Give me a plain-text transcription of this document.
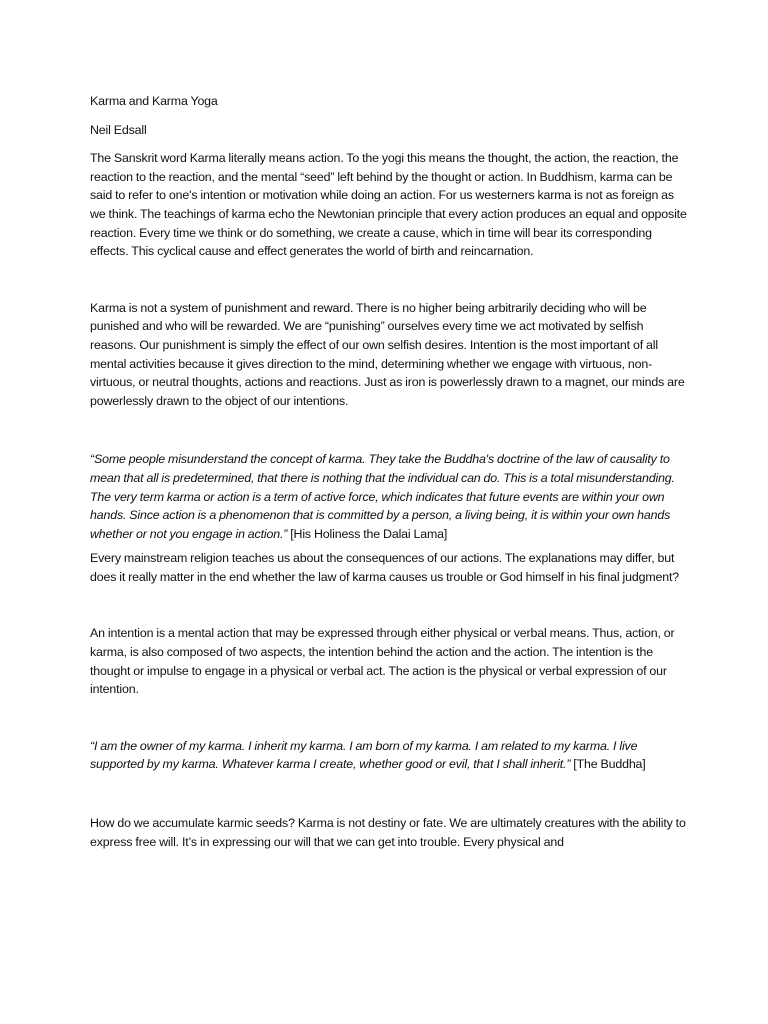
Karma and Karma Yoga

Neil Edsall

The Sanskrit word Karma literally means action. To the yogi this means the thought, the action, the reaction, the reaction to the reaction, and the mental “seed” left behind by the thought or action. In Buddhism, karma can be said to refer to one's intention or motivation while doing an action. For us westerners karma is not as foreign as we think. The teachings of karma echo the Newtonian principle that every action produces an equal and opposite reaction. Every time we think or do something, we create a cause, which in time will bear its corresponding effects. This cyclical cause and effect generates the world of birth and reincarnation.

Karma is not a system of punishment and reward. There is no higher being arbitrarily deciding who will be punished and who will be rewarded. We are “punishing” ourselves every time we act motivated by selfish reasons. Our punishment is simply the effect of our own selfish desires. Intention is the most important of all mental activities because it gives direction to the mind, determining whether we engage with virtuous, non-virtuous, or neutral thoughts, actions and reactions. Just as iron is powerlessly drawn to a magnet, our minds are powerlessly drawn to the object of our intentions.

“Some people misunderstand the concept of karma. They take the Buddha's doctrine of the law of causality to mean that all is predetermined, that there is nothing that the individual can do. This is a total misunderstanding. The very term karma or action is a term of active force, which indicates that future events are within your own hands. Since action is a phenomenon that is committed by a person, a living being, it is within your own hands whether or not you engage in action.” [His Holiness the Dalai Lama]

Every mainstream religion teaches us about the consequences of our actions. The explanations may differ, but does it really matter in the end whether the law of karma causes us trouble or God himself in his final judgment?

An intention is a mental action that may be expressed through either physical or verbal means. Thus, action, or karma, is also composed of two aspects, the intention behind the action and the action. The intention is the thought or impulse to engage in a physical or verbal act. The action is the physical or verbal expression of our intention.

“I am the owner of my karma. I inherit my karma. I am born of my karma. I am related to my karma. I live supported by my karma. Whatever karma I create, whether good or evil, that I shall inherit.” [The Buddha]

How do we accumulate karmic seeds? Karma is not destiny or fate. We are ultimately creatures with the ability to express free will. It’s in expressing our will that we can get into trouble. Every physical and
